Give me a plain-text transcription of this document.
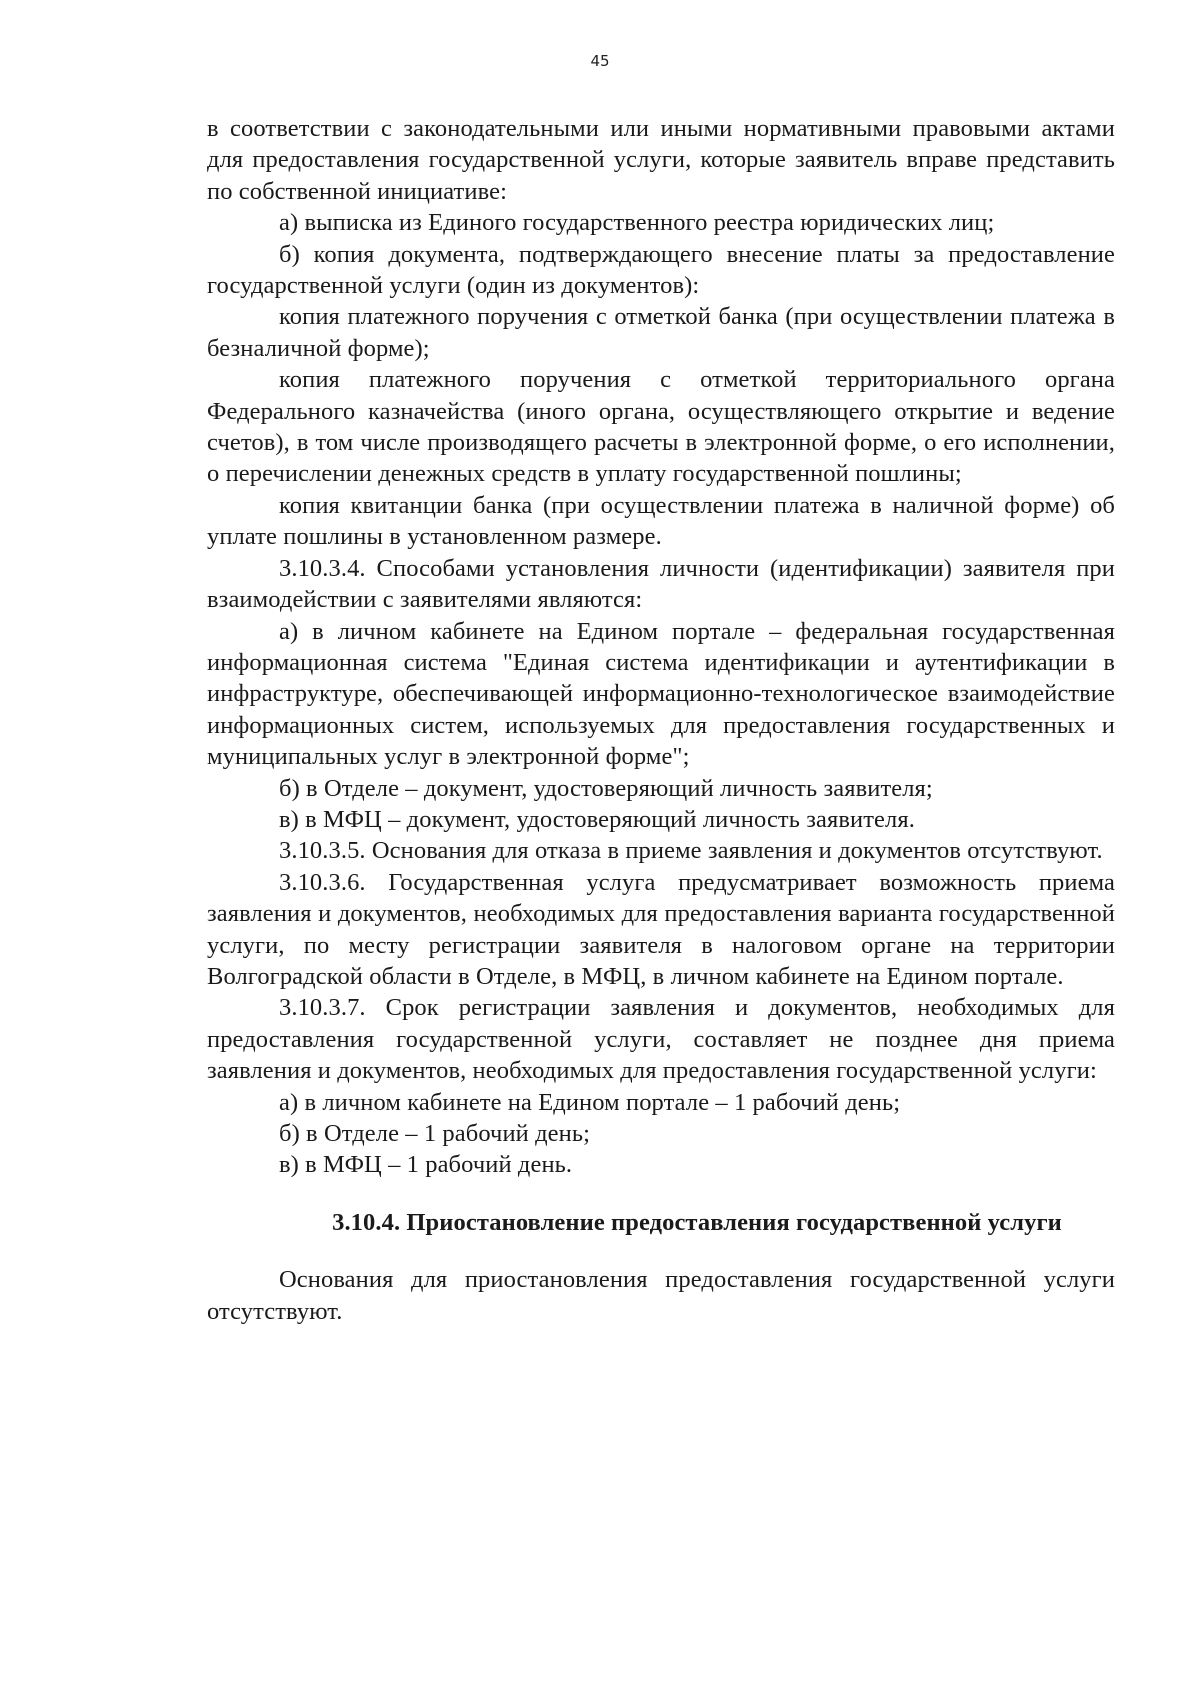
45

в соответствии с законодательными или иными нормативными правовыми актами для предоставления государственной услуги, которые заявитель вправе представить по собственной инициативе:

а) выписка из Единого государственного реестра юридических лиц;

б) копия документа, подтверждающего внесение платы за предоставление государственной услуги (один из документов):

копия платежного поручения с отметкой банка (при осуществлении платежа в безналичной форме);

копия платежного поручения с отметкой территориального органа Федерального казначейства (иного органа, осуществляющего открытие и ведение счетов), в том числе производящего расчеты в электронной форме, о его исполнении, о перечислении денежных средств в уплату государственной пошлины;

копия квитанции банка (при осуществлении платежа в наличной форме) об уплате пошлины в установленном размере.

3.10.3.4. Способами установления личности (идентификации) заявителя при взаимодействии с заявителями являются:

а) в личном кабинете на Едином портале – федеральная государственная информационная система "Единая система идентификации и аутентификации в инфраструктуре, обеспечивающей информационно-технологическое взаимодействие информационных систем, используемых для предоставления государственных и муниципальных услуг в электронной форме";

б) в Отделе – документ, удостоверяющий личность заявителя;

в) в МФЦ – документ, удостоверяющий личность заявителя.

3.10.3.5. Основания для отказа в приеме заявления и документов отсутствуют.

3.10.3.6. Государственная услуга предусматривает возможность приема заявления и документов, необходимых для предоставления варианта государственной услуги, по месту регистрации заявителя в налоговом органе на территории Волгоградской области в Отделе, в МФЦ, в личном кабинете на Едином портале.

3.10.3.7. Срок регистрации заявления и документов, необходимых для предоставления государственной услуги, составляет не позднее дня приема заявления и документов, необходимых для предоставления государственной услуги:

а) в личном кабинете на Едином портале – 1 рабочий день;

б) в Отделе – 1 рабочий день;

в) в МФЦ – 1 рабочий день.

3.10.4. Приостановление предоставления государственной услуги

Основания для приостановления предоставления государственной услуги отсутствуют.
